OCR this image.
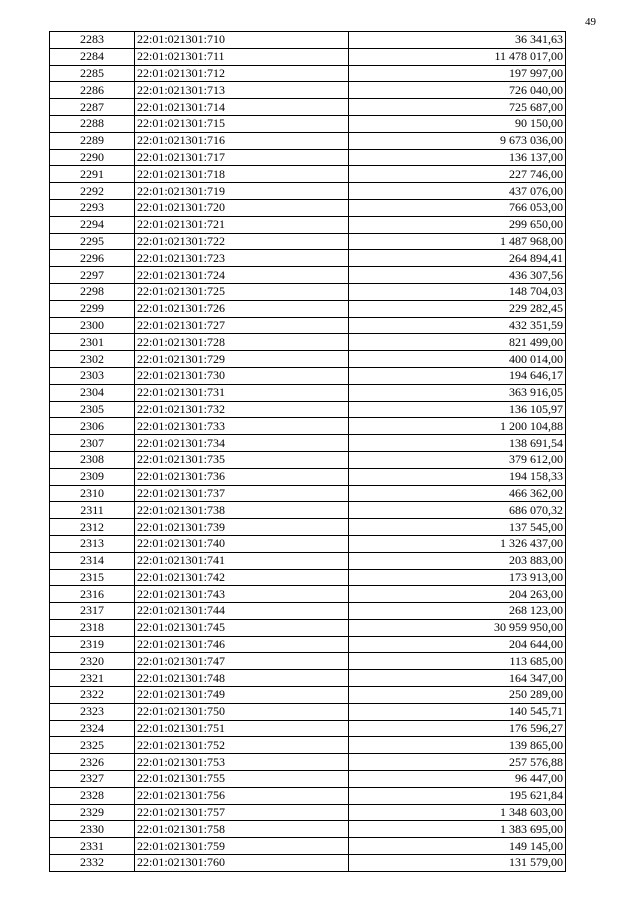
49
2283	22:01:021301:710	36 341,63
2284	22:01:021301:711	11 478 017,00
2285	22:01:021301:712	197 997,00
2286	22:01:021301:713	726 040,00
2287	22:01:021301:714	725 687,00
2288	22:01:021301:715	90 150,00
2289	22:01:021301:716	9 673 036,00
2290	22:01:021301:717	136 137,00
2291	22:01:021301:718	227 746,00
2292	22:01:021301:719	437 076,00
2293	22:01:021301:720	766 053,00
2294	22:01:021301:721	299 650,00
2295	22:01:021301:722	1 487 968,00
2296	22:01:021301:723	264 894,41
2297	22:01:021301:724	436 307,56
2298	22:01:021301:725	148 704,03
2299	22:01:021301:726	229 282,45
2300	22:01:021301:727	432 351,59
2301	22:01:021301:728	821 499,00
2302	22:01:021301:729	400 014,00
2303	22:01:021301:730	194 646,17
2304	22:01:021301:731	363 916,05
2305	22:01:021301:732	136 105,97
2306	22:01:021301:733	1 200 104,88
2307	22:01:021301:734	138 691,54
2308	22:01:021301:735	379 612,00
2309	22:01:021301:736	194 158,33
2310	22:01:021301:737	466 362,00
2311	22:01:021301:738	686 070,32
2312	22:01:021301:739	137 545,00
2313	22:01:021301:740	1 326 437,00
2314	22:01:021301:741	203 883,00
2315	22:01:021301:742	173 913,00
2316	22:01:021301:743	204 263,00
2317	22:01:021301:744	268 123,00
2318	22:01:021301:745	30 959 950,00
2319	22:01:021301:746	204 644,00
2320	22:01:021301:747	113 685,00
2321	22:01:021301:748	164 347,00
2322	22:01:021301:749	250 289,00
2323	22:01:021301:750	140 545,71
2324	22:01:021301:751	176 596,27
2325	22:01:021301:752	139 865,00
2326	22:01:021301:753	257 576,88
2327	22:01:021301:755	96 447,00
2328	22:01:021301:756	195 621,84
2329	22:01:021301:757	1 348 603,00
2330	22:01:021301:758	1 383 695,00
2331	22:01:021301:759	149 145,00
2332	22:01:021301:760	131 579,00
